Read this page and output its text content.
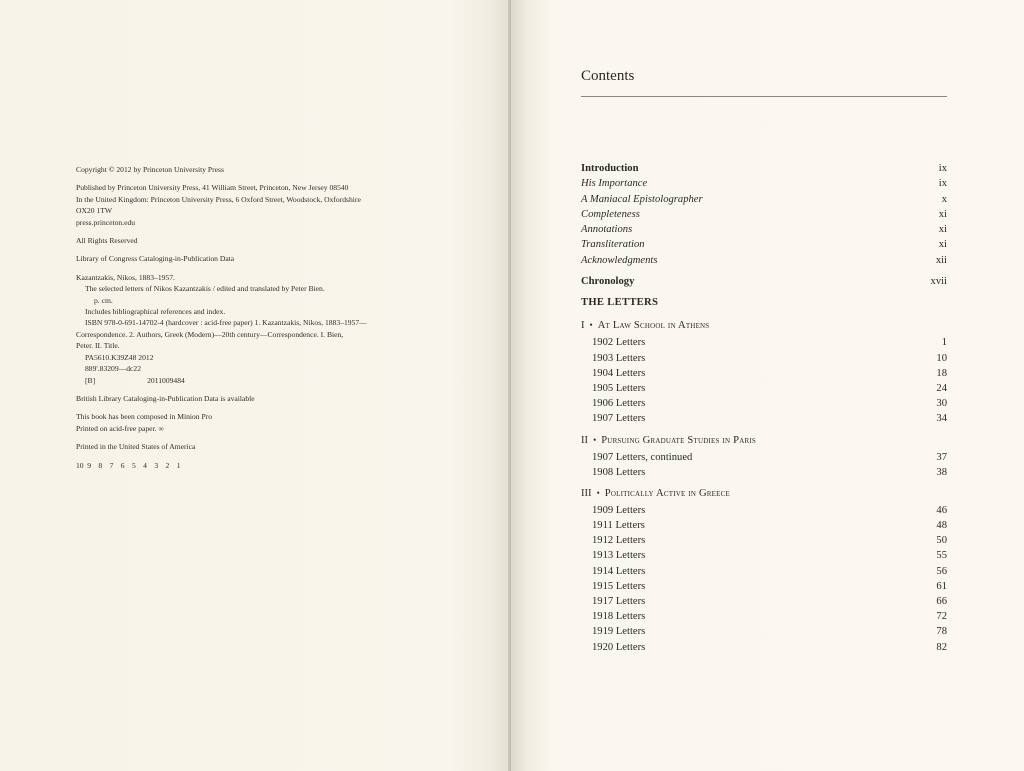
Copyright © 2012 by Princeton University Press
Published by Princeton University Press, 41 William Street, Princeton, New Jersey 08540
In the United Kingdom: Princeton University Press, 6 Oxford Street, Woodstock, Oxfordshire
OX20 1TW
press.princeton.edu
All Rights Reserved
Library of Congress Cataloging-in-Publication Data
Kazantzakis, Nikos, 1883–1957.
The selected letters of Nikos Kazantzakis / edited and translated by Peter Bien.
p. cm.
Includes bibliographical references and index.
ISBN 978-0-691-14702-4 (hardcover : acid-free paper) 1. Kazantzakis, Nikos, 1883–1957—
Correspondence. 2. Authors, Greek (Modern)—20th century—Correspondence. I. Bien,
Peter. II. Title.
PA5610.K39Z48 2012
889'.83209—dc22
[B]	2011009484
British Library Cataloging-in-Publication Data is available
This book has been composed in Minion Pro
Printed on acid-free paper. ∞
Printed in the United States of America
10 9 8 7 6 5 4 3 2 1
Contents
Introduction	ix
His Importance	ix
A Maniacal Epistolographer	x
Completeness	xi
Annotations	xi
Transliteration	xi
Acknowledgments	xii
Chronology	xvii
THE LETTERS
I • At Law School in Athens
1902 Letters	1
1903 Letters	10
1904 Letters	18
1905 Letters	24
1906 Letters	30
1907 Letters	34
II • Pursuing Graduate Studies in Paris
1907 Letters, continued	37
1908 Letters	38
III • Politically Active in Greece
1909 Letters	46
1911 Letters	48
1912 Letters	50
1913 Letters	55
1914 Letters	56
1915 Letters	61
1917 Letters	66
1918 Letters	72
1919 Letters	78
1920 Letters	82
